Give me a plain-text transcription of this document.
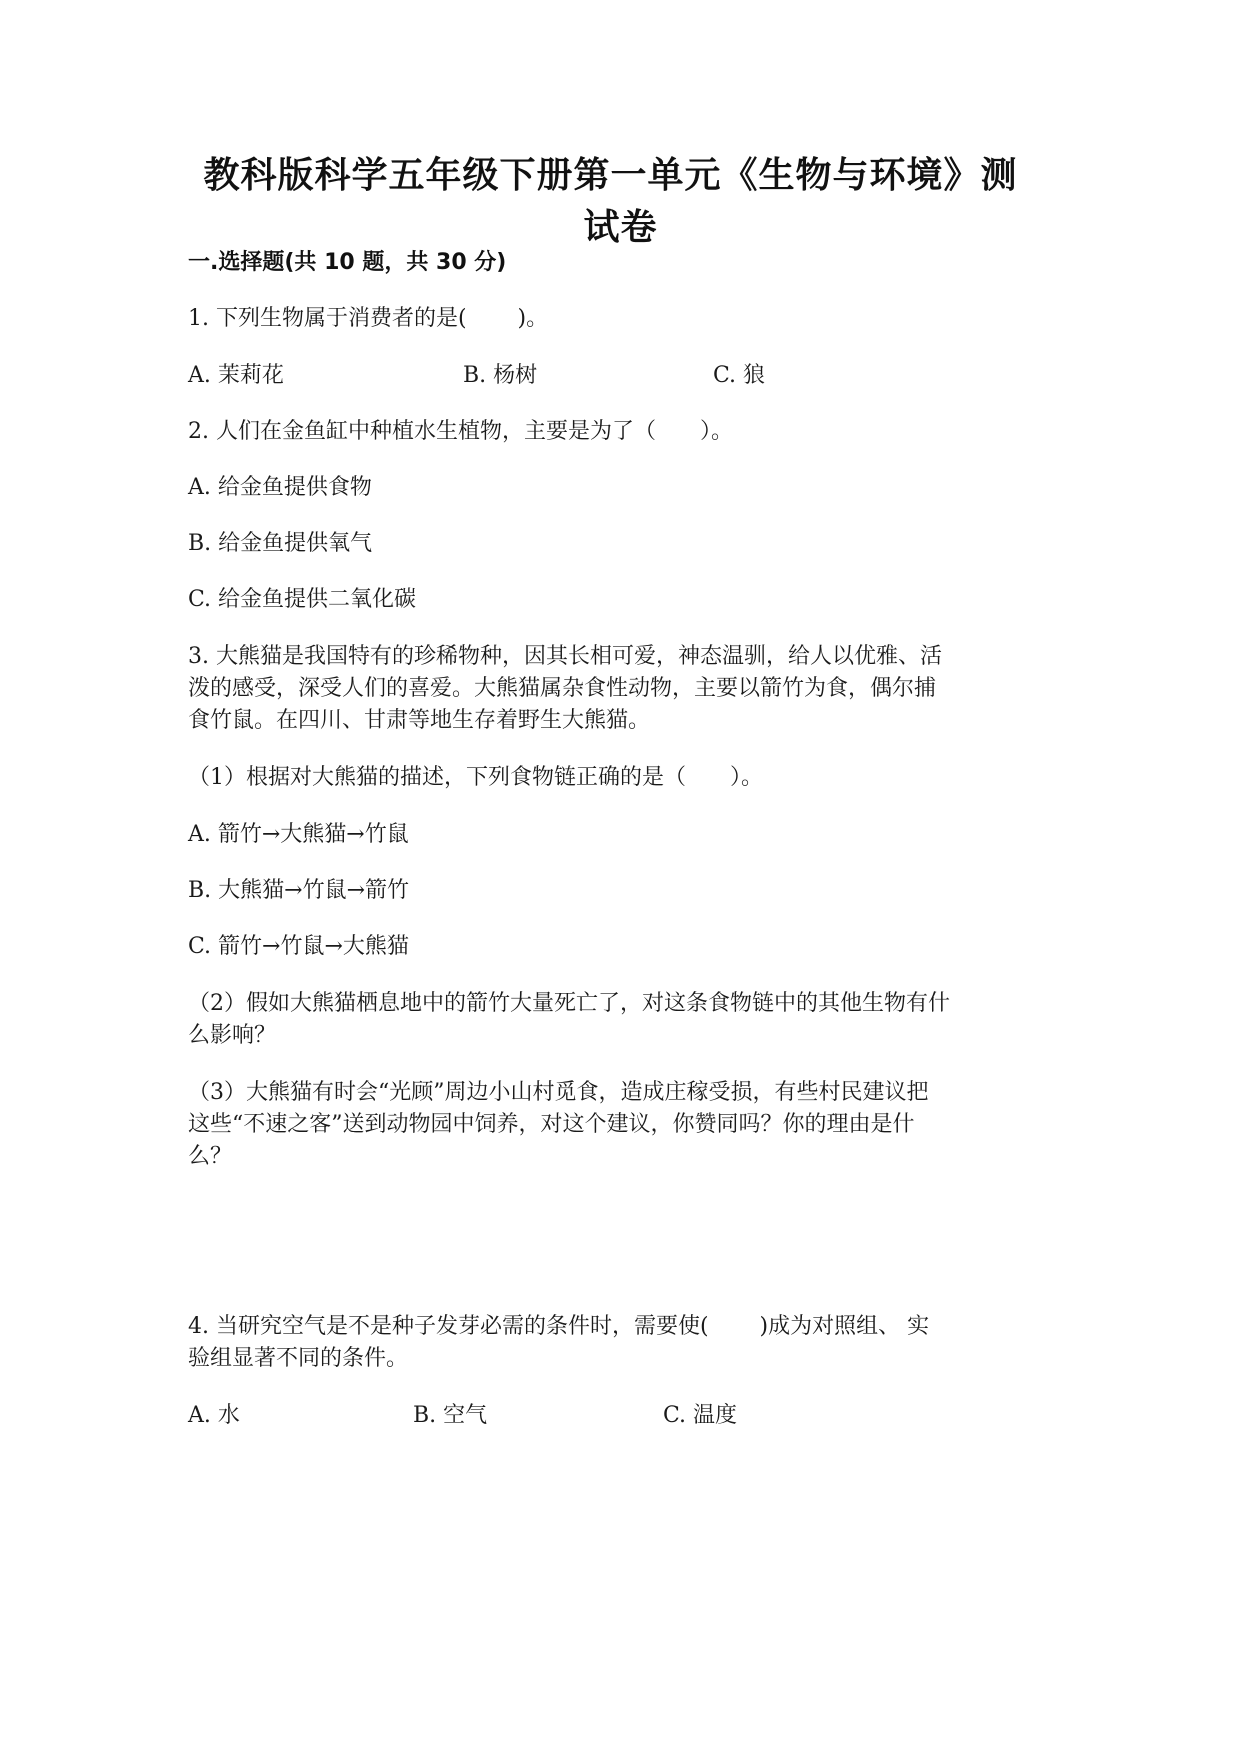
教科版科学五年级下册第一单元《生物与环境》测
试卷
一.选择题(共 10 题，共 30 分)
1. 下列生物属于消费者的是(　　 )。
A. 茉莉花	B. 杨树	C. 狼
2. 人们在金鱼缸中种植水生植物，主要是为了（　　）。
A. 给金鱼提供食物
B. 给金鱼提供氧气
C. 给金鱼提供二氧化碳
3. 大熊猫是我国特有的珍稀物种，因其长相可爱，神态温驯，给人以优雅、活
泼的感受，深受人们的喜爱。大熊猫属杂食性动物，主要以箭竹为食，偶尔捕
食竹鼠。在四川、甘肃等地生存着野生大熊猫。
（1）根据对大熊猫的描述，下列食物链正确的是（　　）。
A. 箭竹→大熊猫→竹鼠
B. 大熊猫→竹鼠→箭竹
C. 箭竹→竹鼠→大熊猫
（2）假如大熊猫栖息地中的箭竹大量死亡了，对这条食物链中的其他生物有什
么影响？
（3）大熊猫有时会“光顾”周边小山村觅食，造成庄稼受损，有些村民建议把
这些“不速之客”送到动物园中饲养，对这个建议，你赞同吗？你的理由是什
么？
4. 当研究空气是不是种子发芽必需的条件时，需要使(　　 )成为对照组、 实
验组显著不同的条件。
A. 水	B. 空气	C. 温度
